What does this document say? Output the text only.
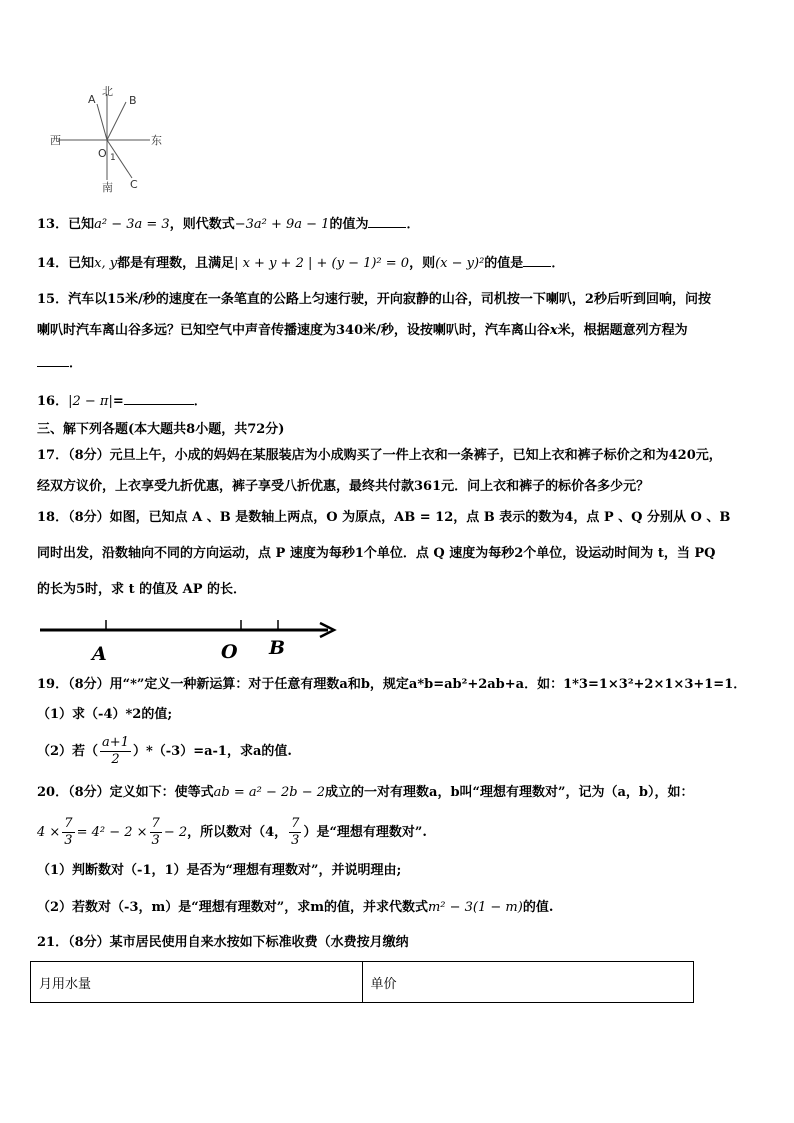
北
南
东
西
A	B
C
O 1
13．已知a² − 3a = 3，则代数式−3a² + 9a − 1的值为	．
14．已知x, y都是有理数，且满足| x + y + 2 | + (y − 1)² = 0，则(x − y)²的值是 ．
15．汽车以15米/秒的速度在一条笔直的公路上匀速行驶，开向寂静的山谷，司机按一下喇叭，2秒后听到回响，问按
喇叭时汽车离山谷多远？已知空气中声音传播速度为340米/秒，设按喇叭时，汽车离山谷x米，根据题意列方程为
．
16．|2 − π|=	．
三、解下列各题(本大题共8小题，共72分)
17．（8分）元旦上午，小成的妈妈在某服装店为小成购买了一件上衣和一条裤子，已知上衣和裤子标价之和为420元，
经双方议价，上衣享受九折优惠，裤子享受八折优惠，最终共付款361元．问上衣和裤子的标价各多少元？
18．（8分）如图，已知点 A 、B 是数轴上两点，O 为原点，AB = 12，点 B 表示的数为4，点 P 、Q 分别从 O 、B
同时出发，沿数轴向不同的方向运动，点 P 速度为每秒1个单位．点 Q 速度为每秒2个单位，设运动时间为 t，当 PQ
的长为5时，求 t 的值及 AP 的长．
A	O B
19．（8分）用“*”定义一种新运算：对于任意有理数a和b，规定a*b=ab²+2ab+a．如：1*3=1×3²+2×1×3+1=1．
（1）求（-4）*2的值;
（2）若（ $\frac{a+1}{2} )*(-3)=a-1$，求a的值.
20．（8分）定义如下：使等式ab = a² − 2b − 2成立的一对有理数a，b叫“理想有理数对”，记为（a，b），如：
$4 \times \frac{7}{3} = 4^2 - 2 \times \frac{7}{3} - 2$，所以数对（4， $\frac{7}{3}$ ）是“理想有理数对”.
（1）判断数对（-1，1）是否为“理想有理数对”，并说明理由;
（2）若数对（-3，m）是“理想有理数对”，求m的值，并求代数式m² − 3(1 − m)的值.
21．（8分）某市居民使用自来水按如下标准收费（水费按月缴纳
月用水量	单价
